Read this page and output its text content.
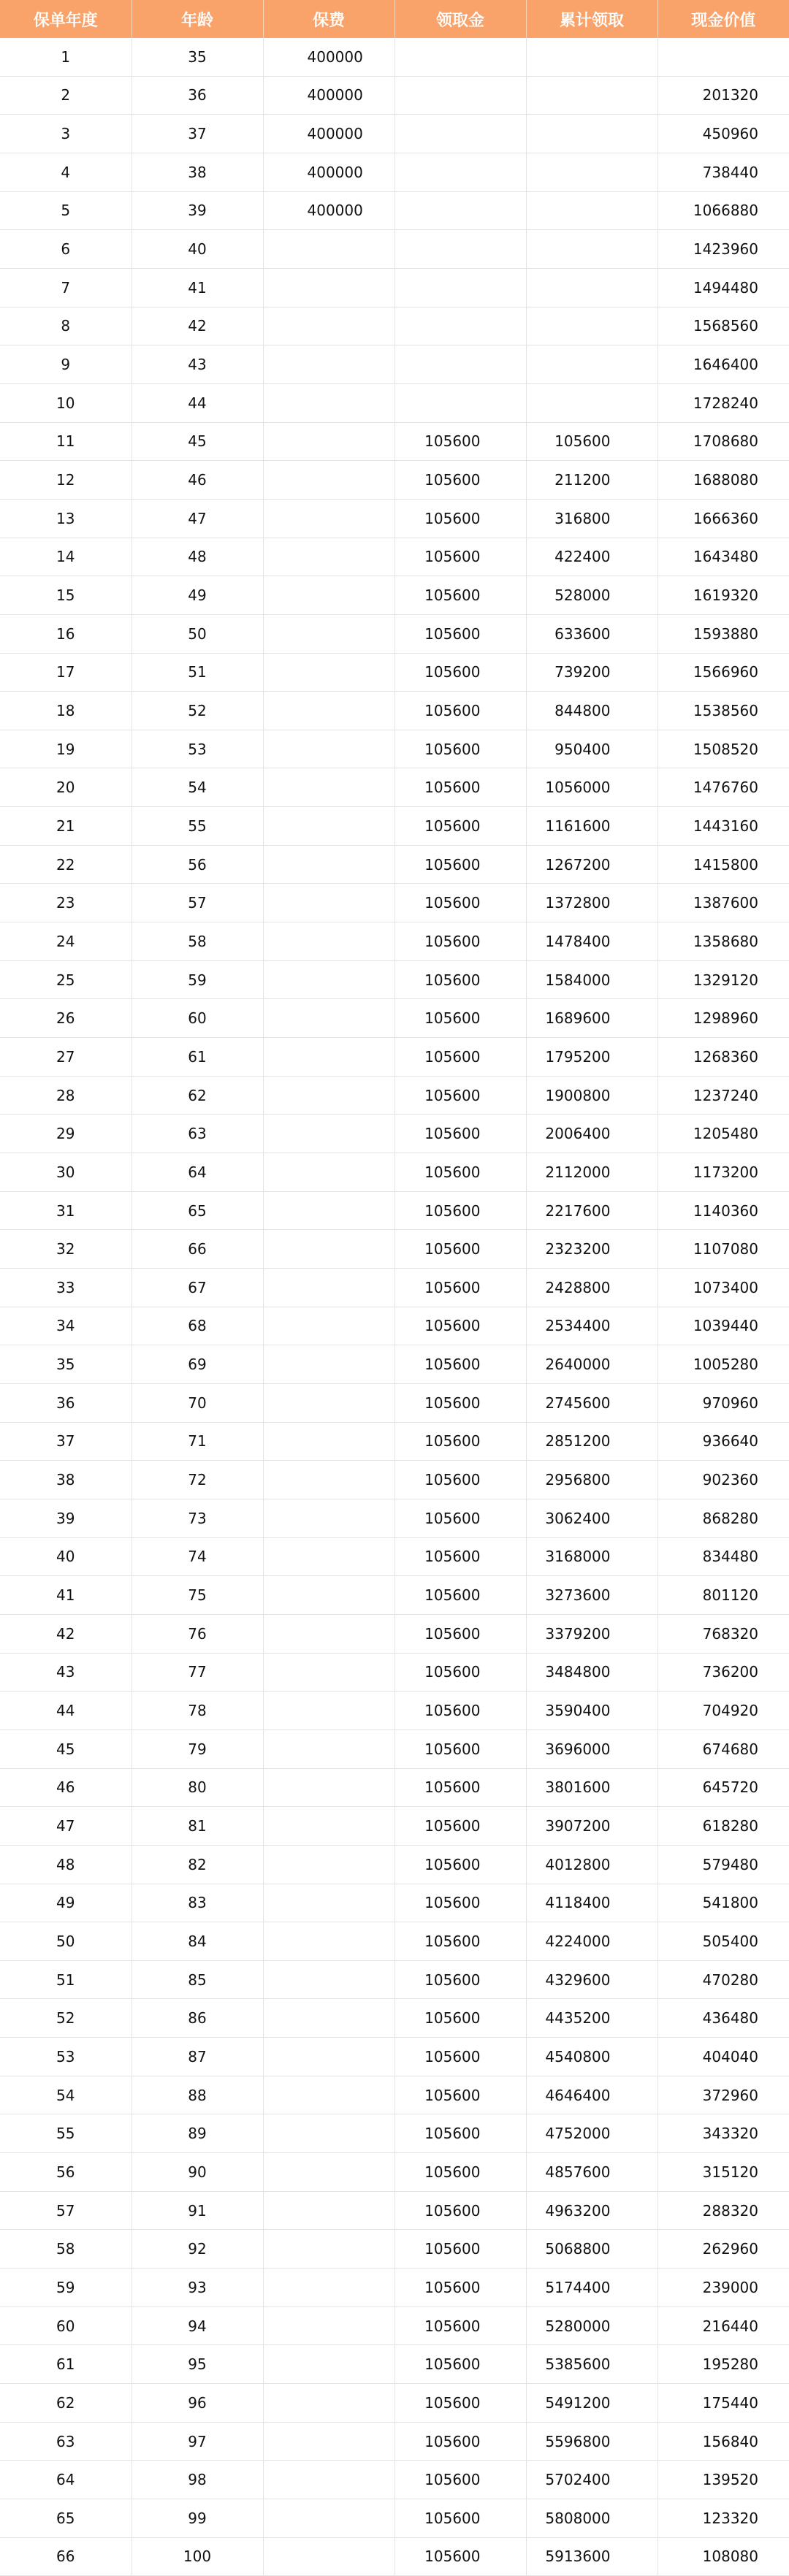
保单年度	年龄	保费	领取金	累计领取	现金价值
1	35	400000			
2	36	400000			201320
3	37	400000			450960
4	38	400000			738440
5	39	400000			1066880
6	40				1423960
7	41				1494480
8	42				1568560
9	43				1646400
10	44				1728240
11	45		105600	105600	1708680
12	46		105600	211200	1688080
13	47		105600	316800	1666360
14	48		105600	422400	1643480
15	49		105600	528000	1619320
16	50		105600	633600	1593880
17	51		105600	739200	1566960
18	52		105600	844800	1538560
19	53		105600	950400	1508520
20	54		105600	1056000	1476760
21	55		105600	1161600	1443160
22	56		105600	1267200	1415800
23	57		105600	1372800	1387600
24	58		105600	1478400	1358680
25	59		105600	1584000	1329120
26	60		105600	1689600	1298960
27	61		105600	1795200	1268360
28	62		105600	1900800	1237240
29	63		105600	2006400	1205480
30	64		105600	2112000	1173200
31	65		105600	2217600	1140360
32	66		105600	2323200	1107080
33	67		105600	2428800	1073400
34	68		105600	2534400	1039440
35	69		105600	2640000	1005280
36	70		105600	2745600	970960
37	71		105600	2851200	936640
38	72		105600	2956800	902360
39	73		105600	3062400	868280
40	74		105600	3168000	834480
41	75		105600	3273600	801120
42	76		105600	3379200	768320
43	77		105600	3484800	736200
44	78		105600	3590400	704920
45	79		105600	3696000	674680
46	80		105600	3801600	645720
47	81		105600	3907200	618280
48	82		105600	4012800	579480
49	83		105600	4118400	541800
50	84		105600	4224000	505400
51	85		105600	4329600	470280
52	86		105600	4435200	436480
53	87		105600	4540800	404040
54	88		105600	4646400	372960
55	89		105600	4752000	343320
56	90		105600	4857600	315120
57	91		105600	4963200	288320
58	92		105600	5068800	262960
59	93		105600	5174400	239000
60	94		105600	5280000	216440
61	95		105600	5385600	195280
62	96		105600	5491200	175440
63	97		105600	5596800	156840
64	98		105600	5702400	139520
65	99		105600	5808000	123320
66	100		105600	5913600	108080
